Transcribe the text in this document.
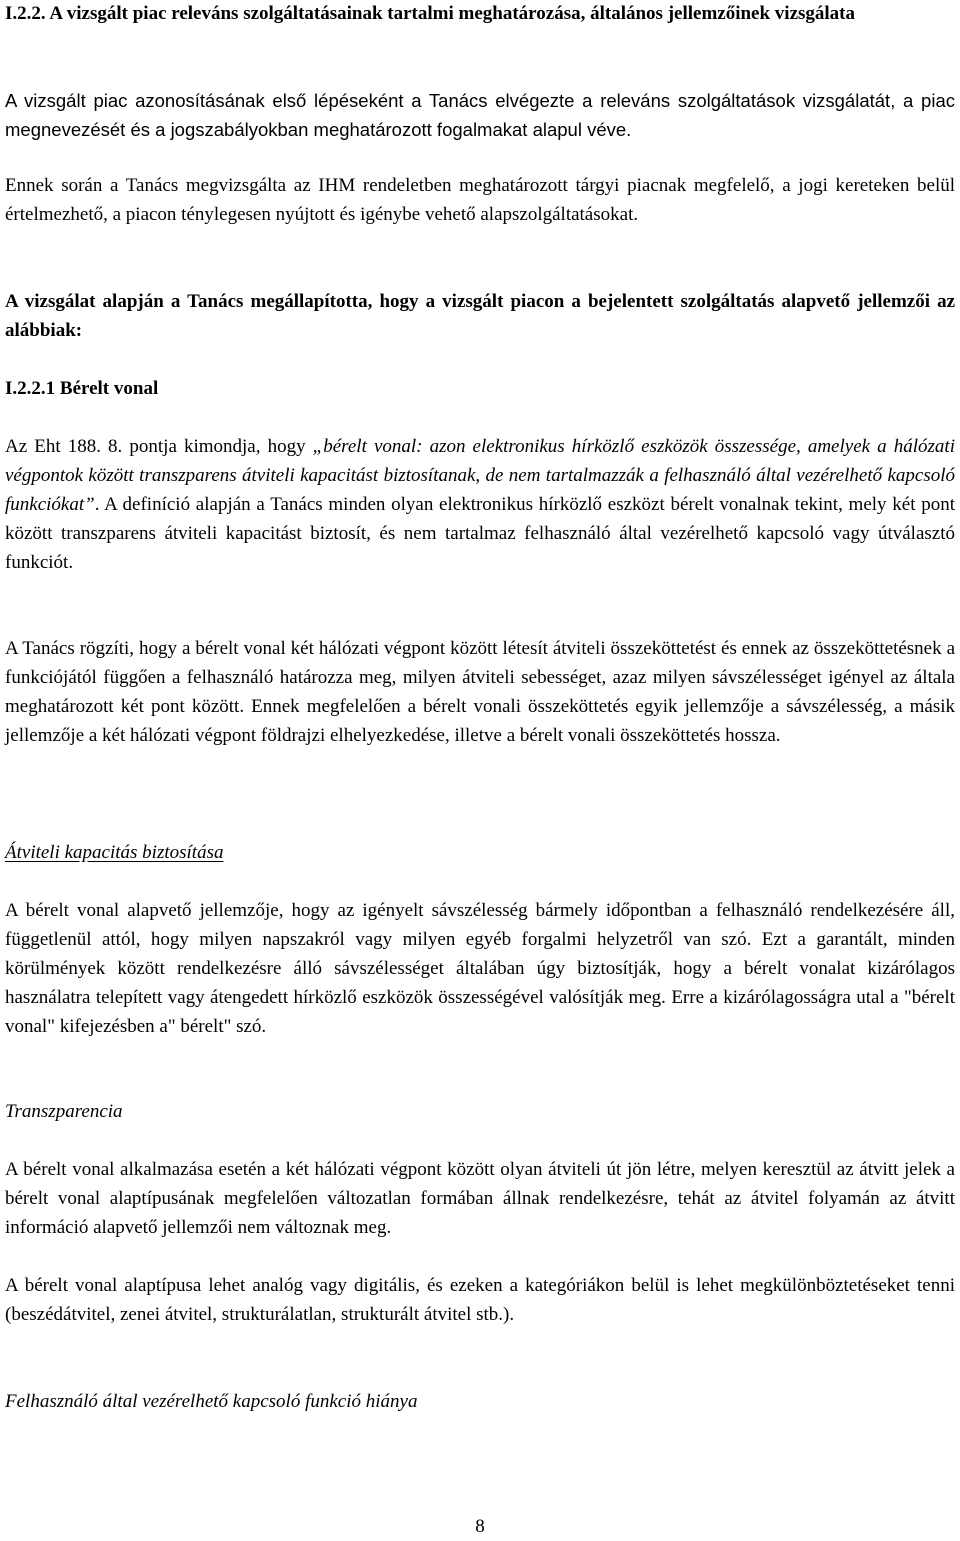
I.2.2. A vizsgált piac releváns szolgáltatásainak tartalmi meghatározása, általános jellemzőinek vizsgálata

A vizsgált piac azonosításának első lépéseként a Tanács elvégezte a releváns szolgáltatások vizsgálatát, a piac megnevezését és a jogszabályokban meghatározott fogalmakat alapul véve.

Ennek során a Tanács megvizsgálta az IHM rendeletben meghatározott tárgyi piacnak megfelelő, a jogi kereteken belül értelmezhető, a piacon ténylegesen nyújtott és igénybe vehető alapszolgáltatásokat.

A vizsgálat alapján a Tanács megállapította, hogy a vizsgált piacon a bejelentett szolgáltatás alapvető jellemzői az alábbiak:

I.2.2.1 Bérelt vonal

Az Eht 188. 8. pontja kimondja, hogy „bérelt vonal: azon elektronikus hírközlő eszközök összessége, amelyek a hálózati végpontok között transzparens átviteli kapacitást biztosítanak, de nem tartalmazzák a felhasználó által vezérelhető kapcsoló funkciókat”. A definíció alapján a Tanács minden olyan elektronikus hírközlő eszközt bérelt vonalnak tekint, mely két pont között transzparens átviteli kapacitást biztosít, és nem tartalmaz felhasználó által vezérelhető kapcsoló vagy útválasztó funkciót.

A Tanács rögzíti, hogy a bérelt vonal két hálózati végpont között létesít átviteli összeköttetést és ennek az összeköttetésnek a funkciójától függően a felhasználó határozza meg, milyen átviteli sebességet, azaz milyen sávszélességet igényel az általa meghatározott két pont között. Ennek megfelelően a bérelt vonali összeköttetés egyik jellemzője a sávszélesség, a másik jellemzője a két hálózati végpont földrajzi elhelyezkedése, illetve a bérelt vonali összeköttetés hossza.

Átviteli kapacitás biztosítása

A bérelt vonal alapvető jellemzője, hogy az igényelt sávszélesség bármely időpontban a felhasználó rendelkezésére áll, függetlenül attól, hogy milyen napszakról vagy milyen egyéb forgalmi helyzetről van szó. Ezt a garantált, minden körülmények között rendelkezésre álló sávszélességet általában úgy biztosítják, hogy a bérelt vonalat kizárólagos használatra telepített vagy átengedett hírközlő eszközök összességével valósítják meg. Erre a kizárólagosságra utal a "bérelt vonal" kifejezésben a" bérelt" szó.

Transzparencia

A bérelt vonal alkalmazása esetén a két hálózati végpont között olyan átviteli út jön létre, melyen keresztül az átvitt jelek a bérelt vonal alaptípusának megfelelően változatlan formában állnak rendelkezésre, tehát az átvitel folyamán az átvitt információ alapvető jellemzői nem változnak meg.

A bérelt vonal alaptípusa lehet analóg vagy digitális, és ezeken a kategóriákon belül is lehet megkülönböztetéseket tenni (beszédátvitel, zenei átvitel, strukturálatlan, strukturált átvitel stb.).

Felhasználó által vezérelhető kapcsoló funkció hiánya

8
